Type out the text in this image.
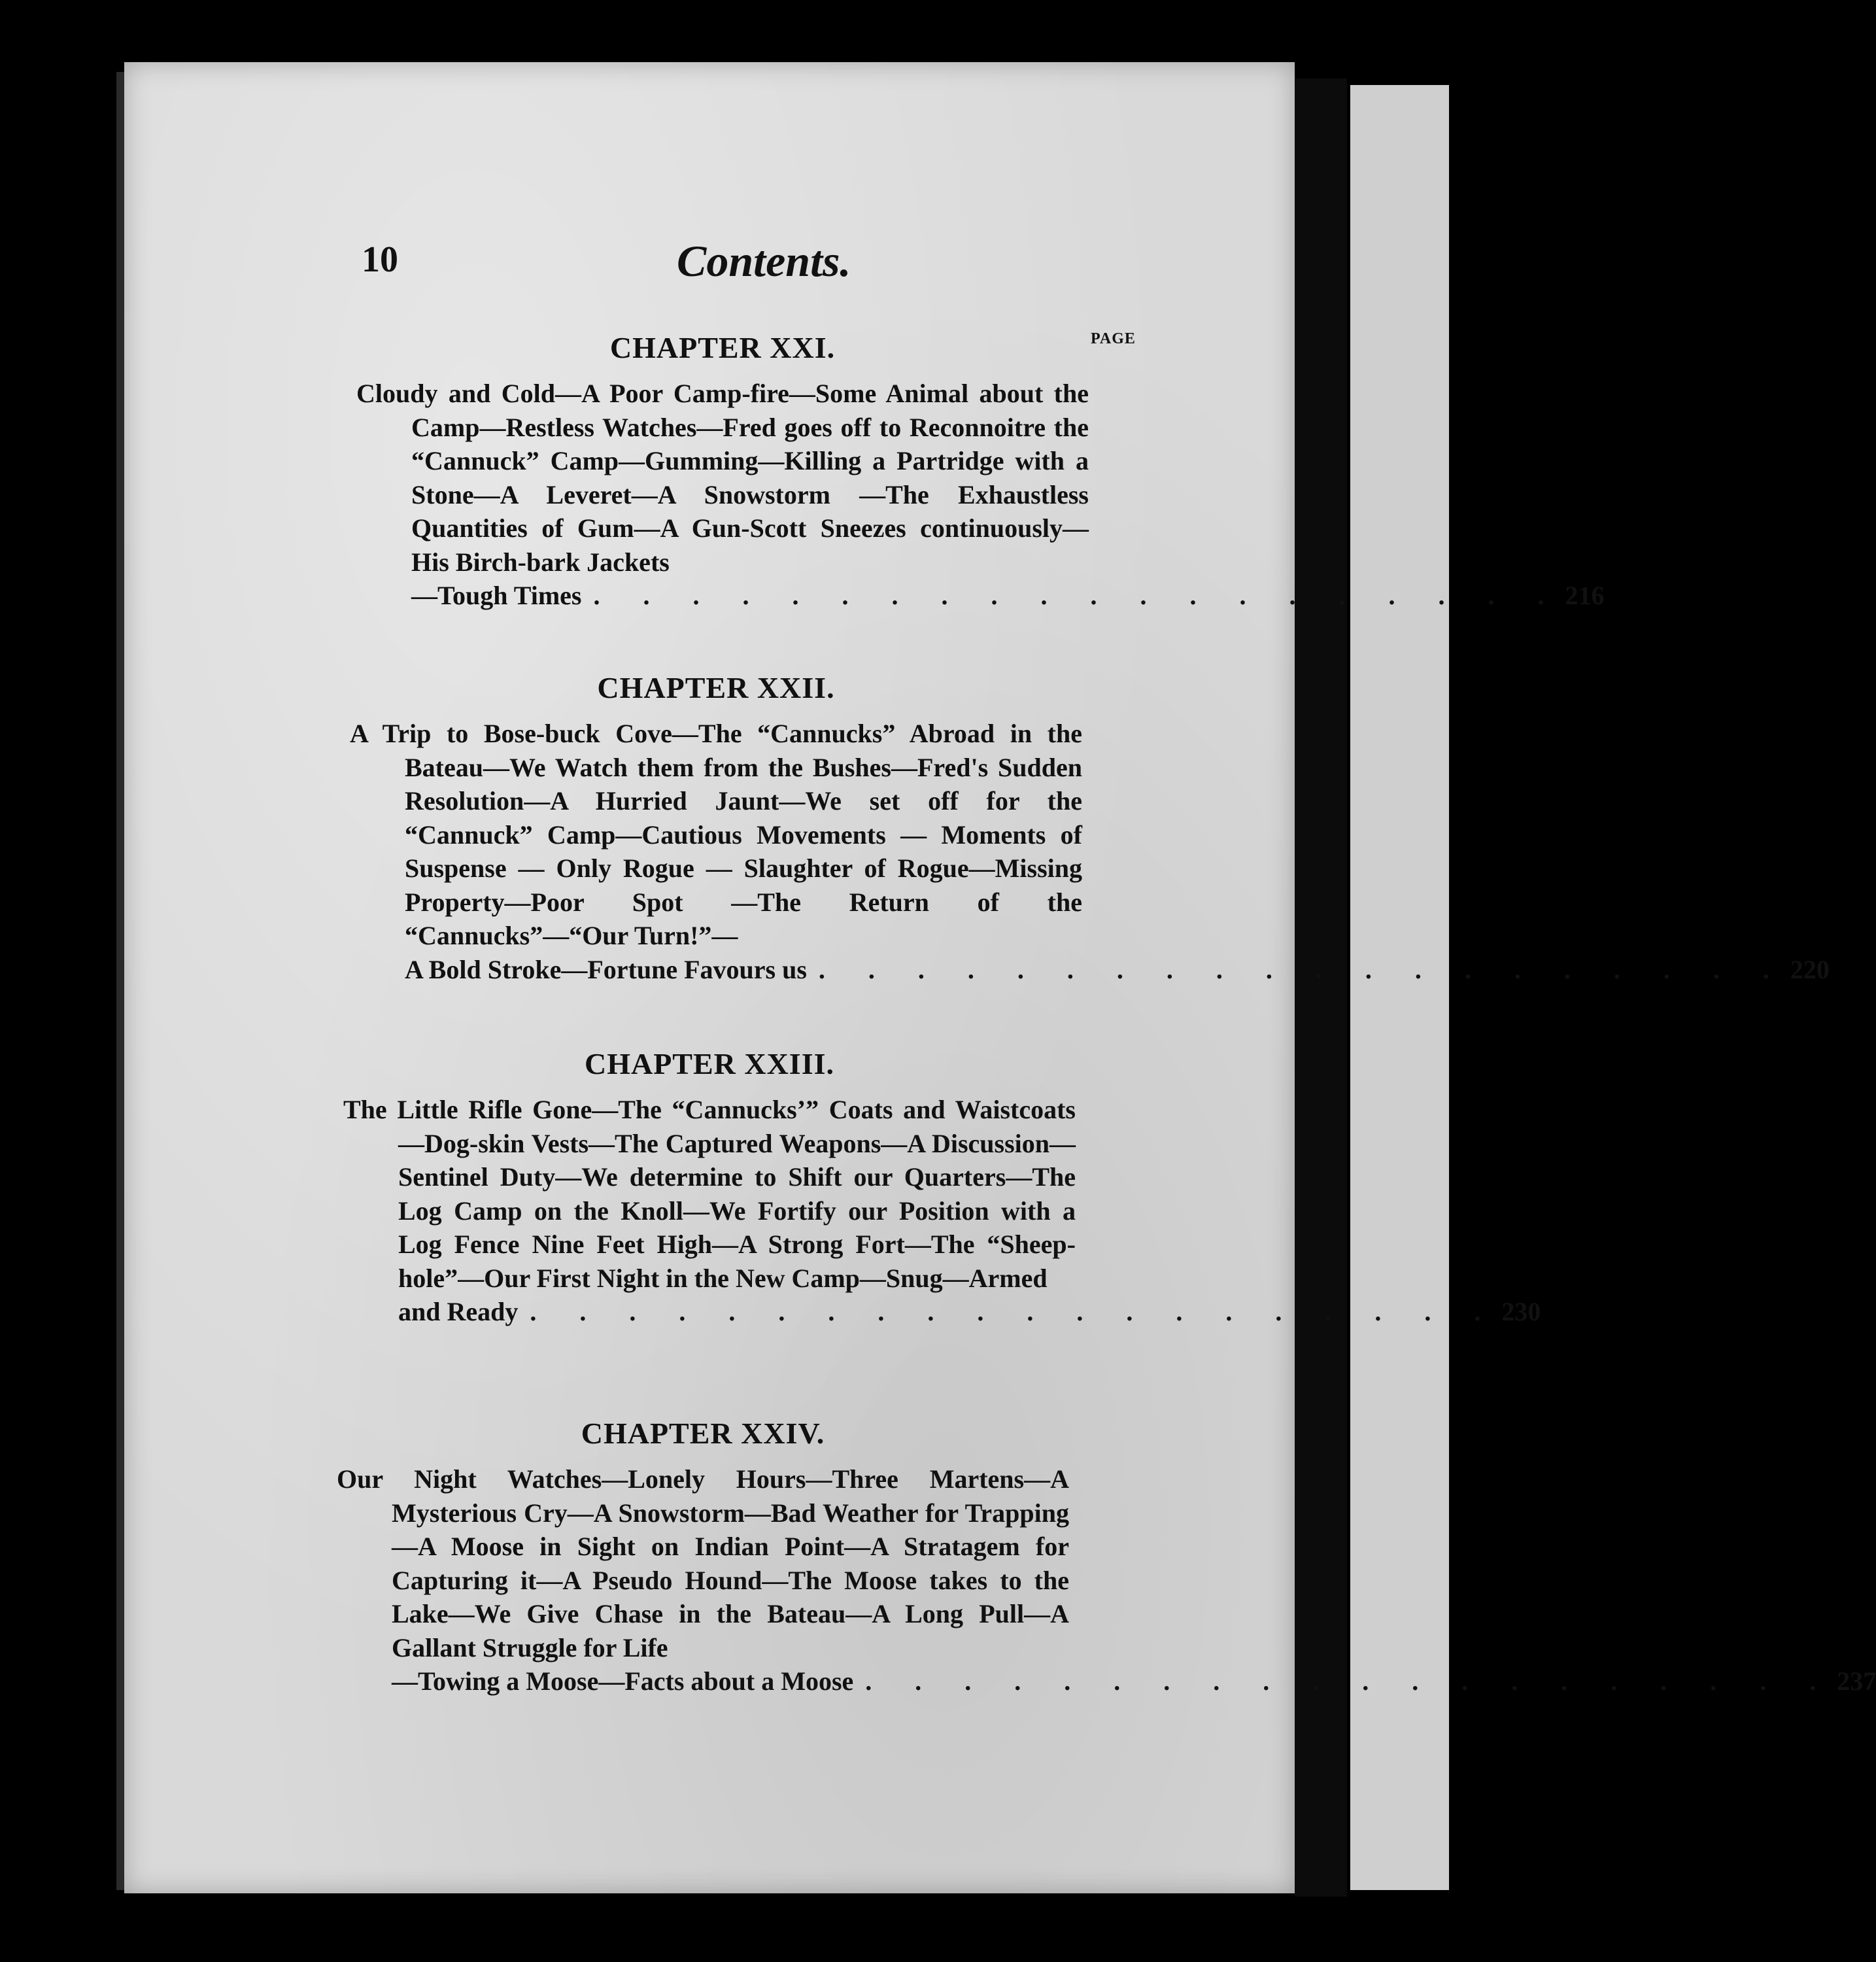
10	Contents.
PAGE
CHAPTER XXI.
Cloudy and Cold—A Poor Camp-fire—Some Animal about the Camp—Restless Watches—Fred goes off to Reconnoitre the “Cannuck” Camp—Gumming—Killing a Partridge with a Stone—A Leveret—A Snowstorm —The Exhaustless Quantities of Gum—A Gun-Scott Sneezes continuously—His Birch-bark Jackets
—Tough Times . . . . . . . . . . . . . . . . . . . . 216
CHAPTER XXII.
A Trip to Bose-buck Cove—The “Cannucks” Abroad in the Bateau—We Watch them from the Bushes—Fred's Sudden Resolution—A Hurried Jaunt—We set off for the “Cannuck” Camp—Cautious Movements — Moments of Suspense — Only Rogue — Slaughter of Rogue—Missing Property—Poor Spot —The Return of the “Cannucks”—“Our Turn!”—
A Bold Stroke—Fortune Favours us . . . . . . . . . . . . . . . . . . . . 220
CHAPTER XXIII.
The Little Rifle Gone—The “Cannucks’” Coats and Waistcoats—Dog-skin Vests—The Captured Weapons—A Discussion—Sentinel Duty—We determine to Shift our Quarters—The Log Camp on the Knoll—We Fortify our Position with a Log Fence Nine Feet High—A Strong Fort—The “Sheep-hole”—Our First Night in the New Camp—Snug—Armed
and Ready . . . . . . . . . . . . . . . . . . . . 230
CHAPTER XXIV.
Our Night Watches—Lonely Hours—Three Martens—A Mysterious Cry—A Snowstorm—Bad Weather for Trapping—A Moose in Sight on Indian Point—A Stratagem for Capturing it—A Pseudo Hound—The Moose takes to the Lake—We Give Chase in the Bateau—A Long Pull—A Gallant Struggle for Life
—Towing a Moose—Facts about a Moose . . . . . . . . . . . . . . . . . . . . 237
